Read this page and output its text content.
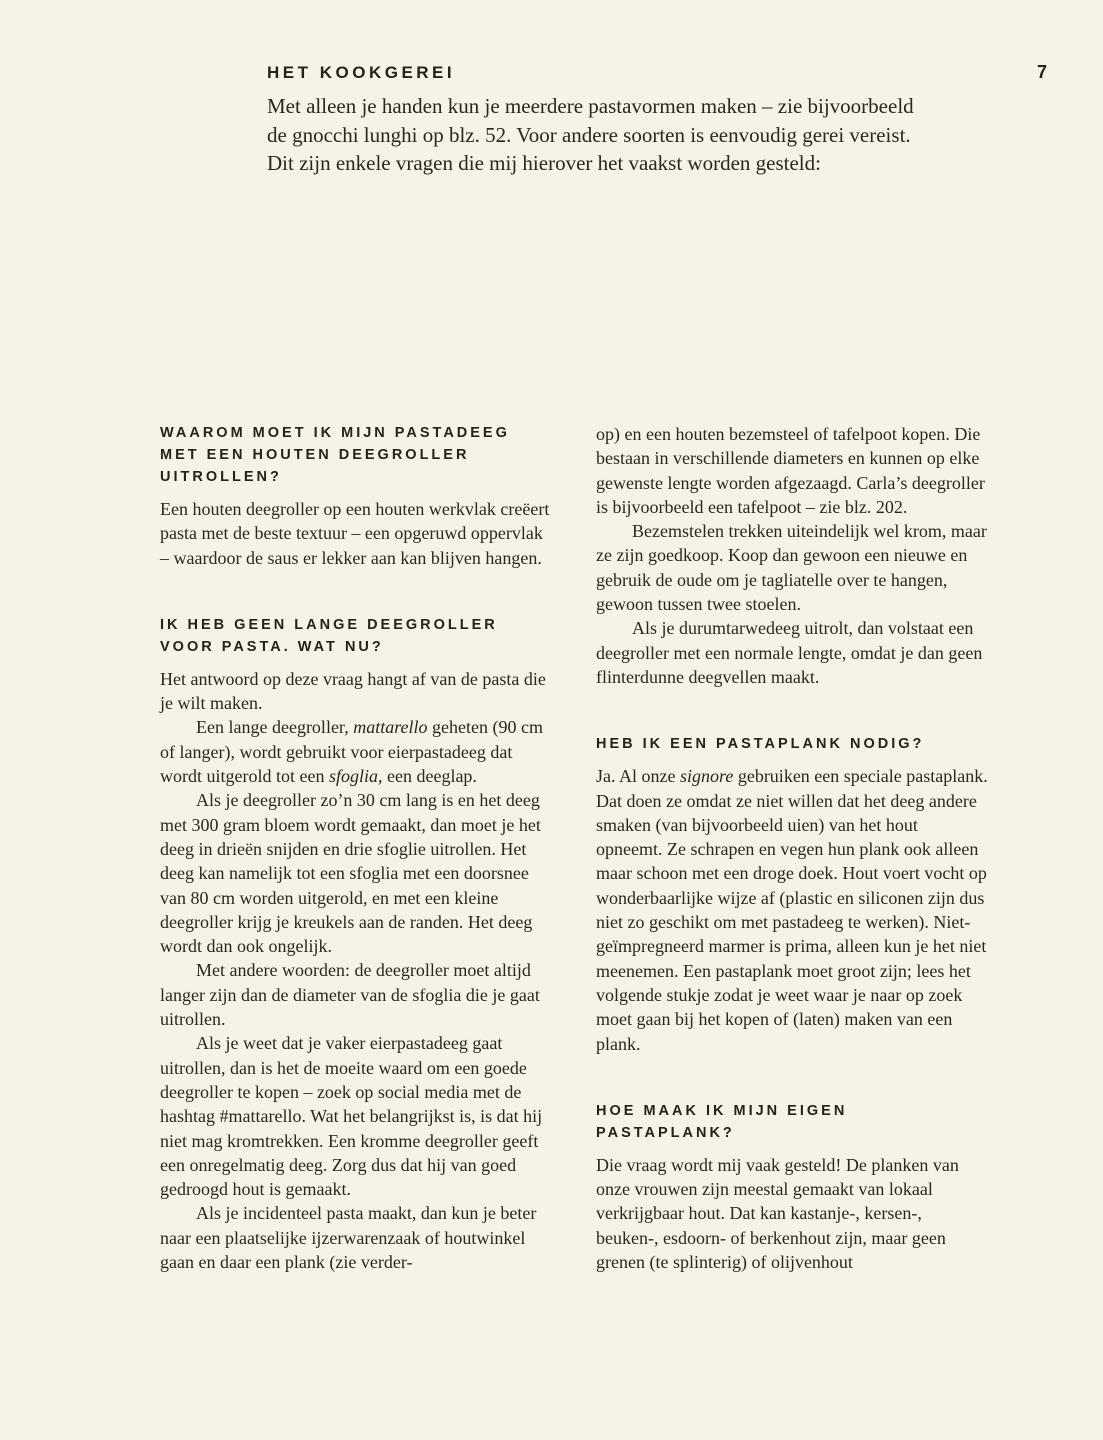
HET KOOKGEREI	7
Met alleen je handen kun je meerdere pastavormen maken – zie bijvoorbeeld
de gnocchi lunghi op blz. 52. Voor andere soorten is eenvoudig gerei vereist.
Dit zijn enkele vragen die mij hierover het vaakst worden gesteld:
WAAROM MOET IK MIJN PASTADEEG
MET EEN HOUTEN DEEGROLLER
UITROLLEN?

Een houten deegroller op een houten werkvlak creëert pasta met de beste textuur – een opgeruwd oppervlak – waardoor de saus er lekker aan kan blijven hangen.

IK HEB GEEN LANGE DEEGROLLER
VOOR PASTA. WAT NU?

Het antwoord op deze vraag hangt af van de pasta die je wilt maken.

Een lange deegroller, mattarello geheten (90 cm of langer), wordt gebruikt voor eierpastadeeg dat wordt uitgerold tot een sfoglia, een deeglap.

Als je deegroller zo’n 30 cm lang is en het deeg met 300 gram bloem wordt gemaakt, dan moet je het deeg in drieën snijden en drie sfoglie uitrollen. Het deeg kan namelijk tot een sfoglia met een doorsnee van 80 cm worden uitgerold, en met een kleine deegroller krijg je kreukels aan de randen. Het deeg wordt dan ook ongelijk.

Met andere woorden: de deegroller moet altijd langer zijn dan de diameter van de sfoglia die je gaat uitrollen.

Als je weet dat je vaker eierpastadeeg gaat uitrollen, dan is het de moeite waard om een goede deegroller te kopen – zoek op social media met de hashtag #mattarello. Wat het belangrijkst is, is dat hij niet mag kromtrekken. Een kromme deegroller geeft een onregelmatig deeg. Zorg dus dat hij van goed gedroogd hout is gemaakt.

Als je incidenteel pasta maakt, dan kun je beter naar een plaatselijke ijzerwarenzaak of houtwinkel gaan en daar een plank (zie verder-

op) en een houten bezemsteel of tafelpoot kopen. Die bestaan in verschillende diameters en kunnen op elke gewenste lengte worden afgezaagd. Carla’s deegroller is bijvoorbeeld een tafelpoot – zie blz. 202.

Bezemstelen trekken uiteindelijk wel krom, maar ze zijn goedkoop. Koop dan gewoon een nieuwe en gebruik de oude om je tagliatelle over te hangen, gewoon tussen twee stoelen.

Als je durumtarwedeeg uitrolt, dan volstaat een deegroller met een normale lengte, omdat je dan geen flinterdunne deegvellen maakt.

HEB IK EEN PASTAPLANK NODIG?

Ja. Al onze signore gebruiken een speciale pastaplank. Dat doen ze omdat ze niet willen dat het deeg andere smaken (van bijvoorbeeld uien) van het hout opneemt. Ze schrapen en vegen hun plank ook alleen maar schoon met een droge doek. Hout voert vocht op wonderbaarlijke wijze af (plastic en siliconen zijn dus niet zo geschikt om met pastadeeg te werken). Niet-geïmpregneerd marmer is prima, alleen kun je het niet meenemen. Een pastaplank moet groot zijn; lees het volgende stukje zodat je weet waar je naar op zoek moet gaan bij het kopen of (laten) maken van een plank.

HOE MAAK IK MIJN EIGEN
PASTAPLANK?

Die vraag wordt mij vaak gesteld! De planken van onze vrouwen zijn meestal gemaakt van lokaal verkrijgbaar hout. Dat kan kastanje-, kersen-, beuken-, esdoorn- of berkenhout zijn, maar geen grenen (te splinterig) of olijvenhout
